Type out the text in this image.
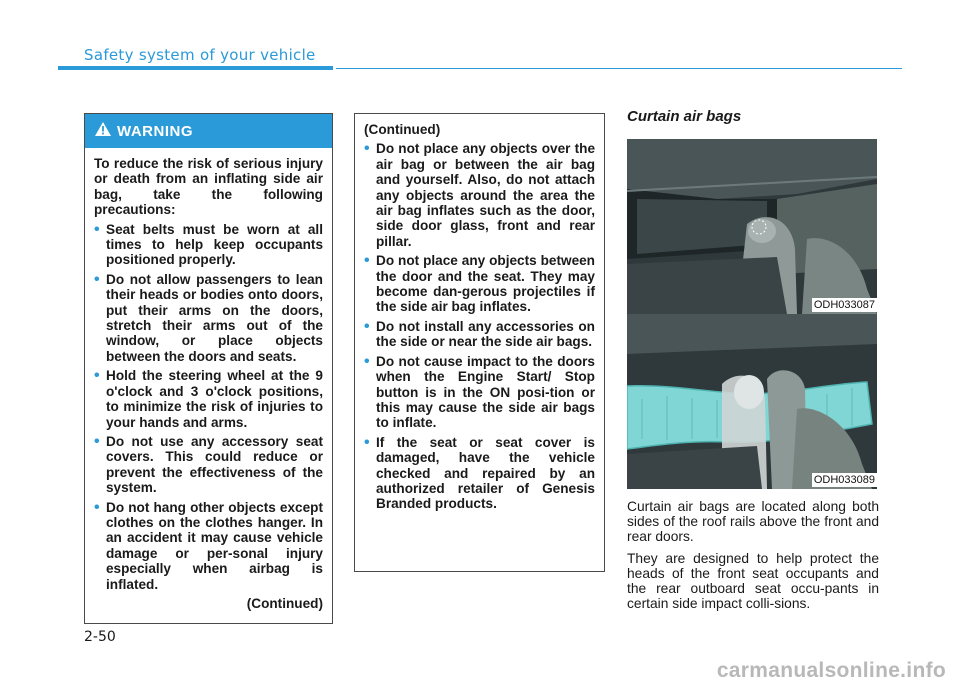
Safety system of your vehicle
WARNING

To reduce the risk of serious injury or death from an inflating side air bag, take the following precautions:

• Seat belts must be worn at all times to help keep occupants positioned properly.
• Do not allow passengers to lean their heads or bodies onto doors, put their arms on the doors, stretch their arms out of the window, or place objects between the doors and seats.
• Hold the steering wheel at the 9 o'clock and 3 o'clock positions, to minimize the risk of injuries to your hands and arms.
• Do not use any accessory seat covers. This could reduce or prevent the effectiveness of the system.
• Do not hang other objects except clothes on the clothes hanger. In an accident it may cause vehicle damage or per-sonal injury especially when airbag is inflated.
(Continued)

(Continued)

• Do not place any objects over the air bag or between the air bag and yourself. Also, do not attach any objects around the area the air bag inflates such as the door, side door glass, front and rear pillar.
• Do not place any objects between the door and the seat. They may become dan-gerous projectiles if the side air bag inflates.
• Do not install any accessories on the side or near the side air bags.
• Do not cause impact to the doors when the Engine Start/ Stop button is in the ON posi-tion or this may cause the side air bags to inflate.
• If the seat or seat cover is damaged, have the vehicle checked and repaired by an authorized retailer of Genesis Branded products.
Curtain air bags
ODH033087
ODH033089

Curtain air bags are located along both sides of the roof rails above the front and rear doors.

They are designed to help protect the heads of the front seat occupants and the rear outboard seat occu-pants in certain side impact colli-sions.

2-50
carmanualsonline.info
